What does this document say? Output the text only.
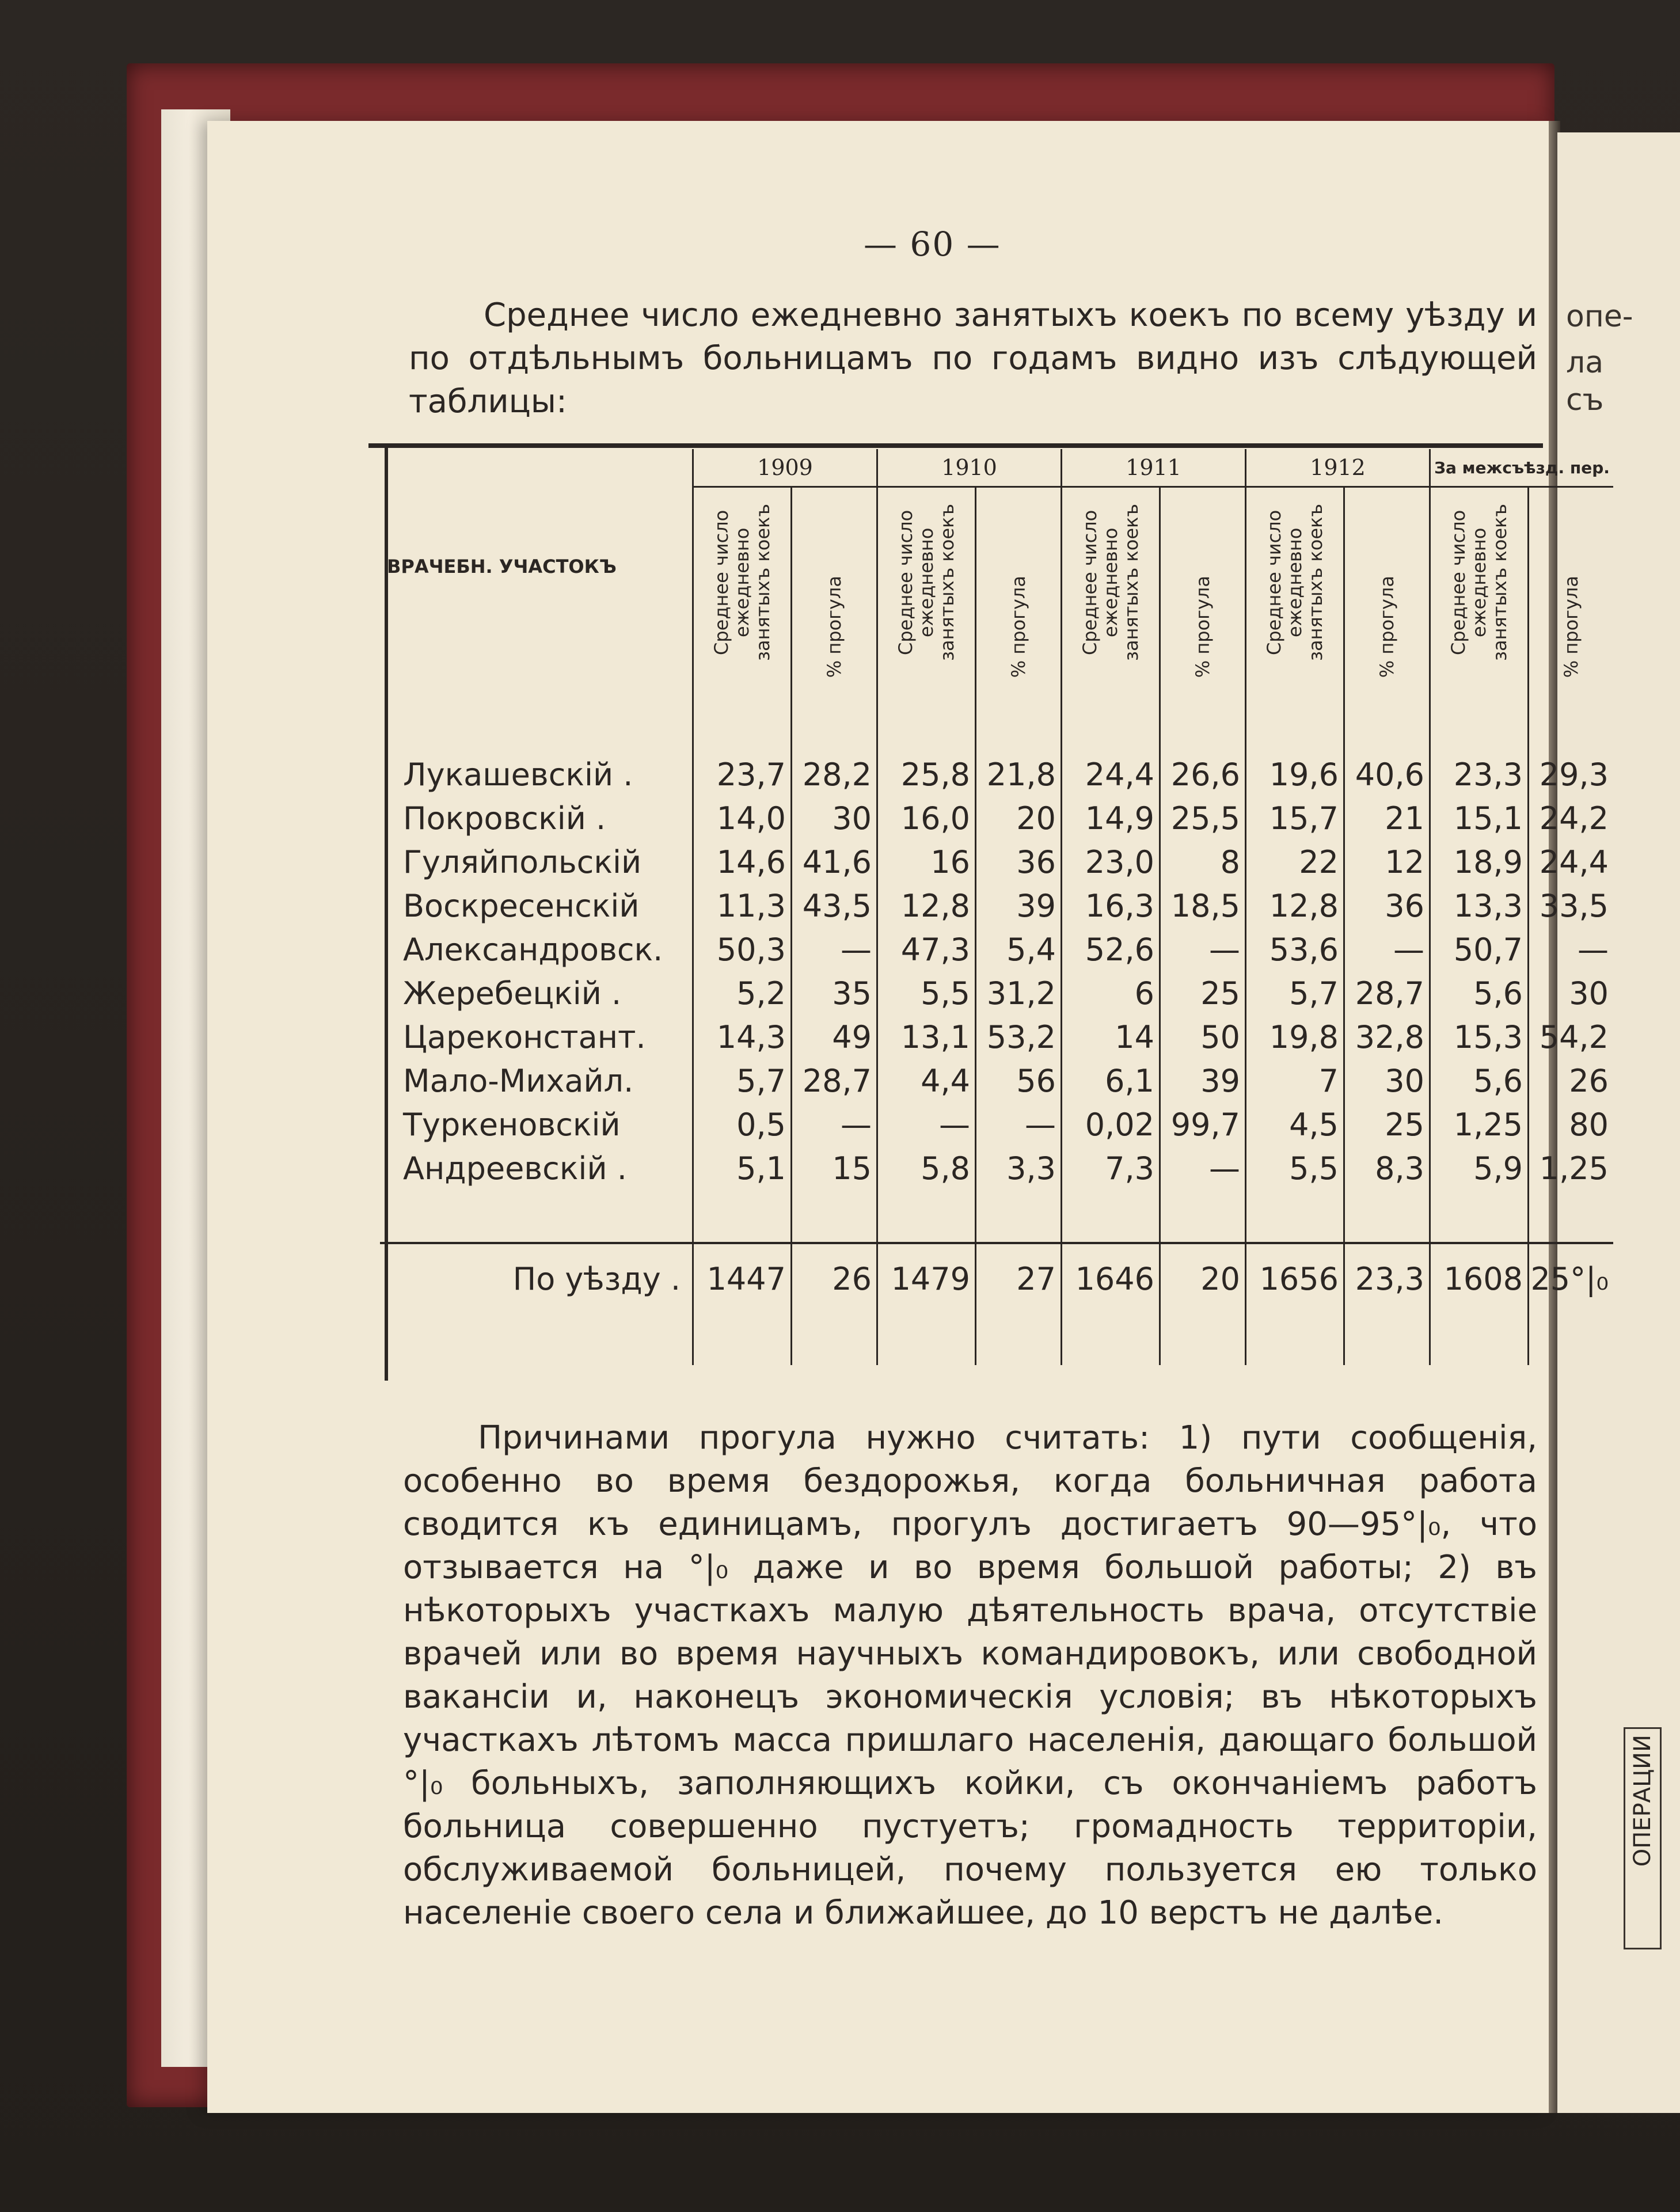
— 60 —
Среднее число ежедневно занятыхъ коекъ по всему уѣзду и по отдѣльнымъ больницамъ по годамъ видно изъ слѣдующей таблицы:
ВРАЧЕБН. УЧАСТОКЪ	1909		1910		1911		1912		За межсъѣзд. пер.	

	Среднее число ежедневно занятыхъ коекъ	% прогула	Среднее число ежедневно занятыхъ коекъ	% прогула	Среднее число ежедневно занятыхъ коекъ	% прогула	Среднее число ежедневно занятыхъ коекъ	% прогула	Среднее число ежедневно занятыхъ коекъ	% прогула

Лукашевскій .	23,7	28,2	25,8	21,8	24,4	26,6	19,6	40,6	23,3	29,3
Покровскій .	14,0	30	16,0	20	14,9	25,5	15,7	21	15,1	24,2
Гуляйпольскій	14,6	41,6	16	36	23,0	8	22	12	18,9	24,4
Воскресенскій	11,3	43,5	12,8	39	16,3	18,5	12,8	36	13,3	33,5
Александровск.	50,3	—	47,3	5,4	52,6	—	53,6	—	50,7	—
Жеребецкій .	5,2	35	5,5	31,2	6	25	5,7	28,7	5,6	30
Цареконстант.	14,3	49	13,1	53,2	14	50	19,8	32,8	15,3	54,2
Мало-Михайл.	5,7	28,7	4,4	56	6,1	39	7	30	5,6	26
Туркеновскій	0,5	—	—	—	0,02	99,7	4,5	25	1,25	80
Андреевскій .	5,1	15	5,8	3,3	7,3	—	5,5	8,3	5,9	1,25

По уѣзду .	1447	26	1479	27	1646	20	1656	23,3	1608	25°|₀

Причинами прогула нужно считать: 1) пути сообщенія, особенно во время бездорожья, когда больничная работа сводится къ единицамъ, прогулъ достигаетъ 90—95°|₀, что отзывается на °|₀ даже и во время большой работы; 2) въ нѣкоторыхъ участкахъ малую дѣятельность врача, отсутствіе врачей или во время научныхъ командировокъ, или свободной вакансіи и, наконецъ экономическія условія; въ нѣкоторыхъ участкахъ лѣтомъ масса пришлаго населенія, дающаго большой °|₀ больныхъ, заполняющихъ койки, съ окончаніемъ работъ больница совершенно пустуетъ; громадность территоріи, обслуживаемой больницей, почему пользуется ею только населеніе своего села и ближайшее, до 10 верстъ не далѣе.
опе-
ла
съ
ОПЕРАЦИИ
